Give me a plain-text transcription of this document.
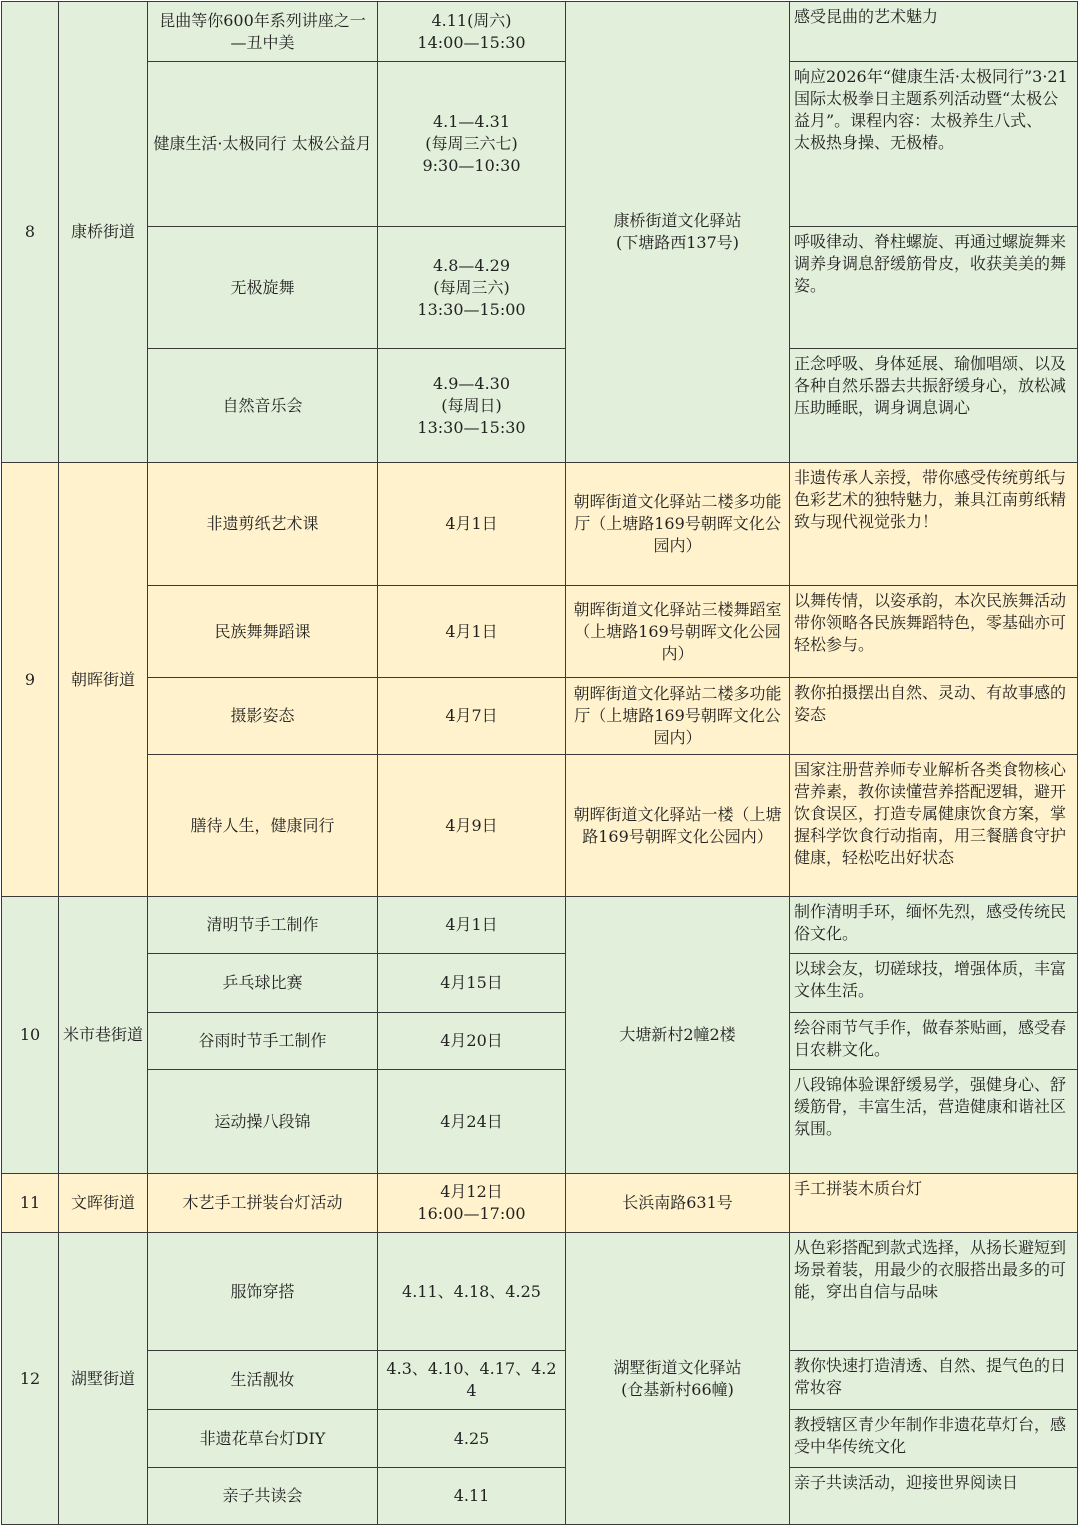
8	康桥街道	昆曲等你600年系列讲座之一—丑中美	4.11(周六)
14:00—15:30	康桥街道文化驿站
(下塘路西137号)	感受昆曲的艺术魅力
		健康生活·太极同行 太极公益月	4.1—4.31
(每周三六七)
9:30—10:30		响应2026年“健康生活·太极同行”3·21国际太极拳日主题系列活动暨“太极公益月”。课程内容：太极养生八式、
太极热身操、无极椿。
		无极旋舞	4.8—4.29
(每周三六)
13:30—15:00		呼吸律动、脊柱螺旋、再通过螺旋舞来调养身调息舒缓筋骨皮，收获美美的舞姿。
		自然音乐会	4.9—4.30
(每周日)
13:30—15:30		正念呼吸、身体延展、瑜伽唱颂、以及各种自然乐器去共振舒缓身心，放松减压助睡眠，调身调息调心
9	朝晖街道	非遗剪纸艺术课	4月1日	朝晖街道文化驿站二楼多功能厅（上塘路169号朝晖文化公园内）	非遗传承人亲授，带你感受传统剪纸与色彩艺术的独特魅力，兼具江南剪纸精致与现代视觉张力！
		民族舞舞蹈课	4月1日	朝晖街道文化驿站三楼舞蹈室（上塘路169号朝晖文化公园内）	以舞传情，以姿承韵，本次民族舞活动带你领略各民族舞蹈特色，零基础亦可轻松参与。
		摄影姿态	4月7日	朝晖街道文化驿站二楼多功能厅（上塘路169号朝晖文化公园内）	教你拍摄摆出自然、灵动、有故事感的姿态
		膳待人生，健康同行	4月9日	朝晖街道文化驿站一楼（上塘路169号朝晖文化公园内）	国家注册营养师专业解析各类食物核心营养素，教你读懂营养搭配逻辑，避开饮食误区，打造专属健康饮食方案，掌握科学饮食行动指南，用三餐膳食守护健康，轻松吃出好状态
10	米市巷街道	清明节手工制作	4月1日	大塘新村2幢2楼	制作清明手环，缅怀先烈，感受传统民俗文化。
		乒乓球比赛	4月15日		以球会友，切磋球技，增强体质，丰富文体生活。
		谷雨时节手工制作	4月20日		绘谷雨节气手作，做春茶贴画，感受春日农耕文化。
		运动操八段锦	4月24日		八段锦体验课舒缓易学，强健身心、舒缓筋骨，丰富生活，营造健康和谐社区氛围。
11	文晖街道	木艺手工拼装台灯活动	4月12日
16:00—17:00	长浜南路631号	手工拼装木质台灯
12	湖墅街道	服饰穿搭	4.11、4.18、4.25	湖墅街道文化驿站
(仓基新村66幢)	从色彩搭配到款式选择，从扬长避短到场景着装，用最少的衣服搭出最多的可能，穿出自信与品味
		生活靓妆	4.3、4.10、4.17、4.24		教你快速打造清透、自然、提气色的日常妆容
		非遗花草台灯DIY	4.25		教授辖区青少年制作非遗花草灯台，感受中华传统文化
		亲子共读会	4.11		亲子共读活动，迎接世界阅读日
